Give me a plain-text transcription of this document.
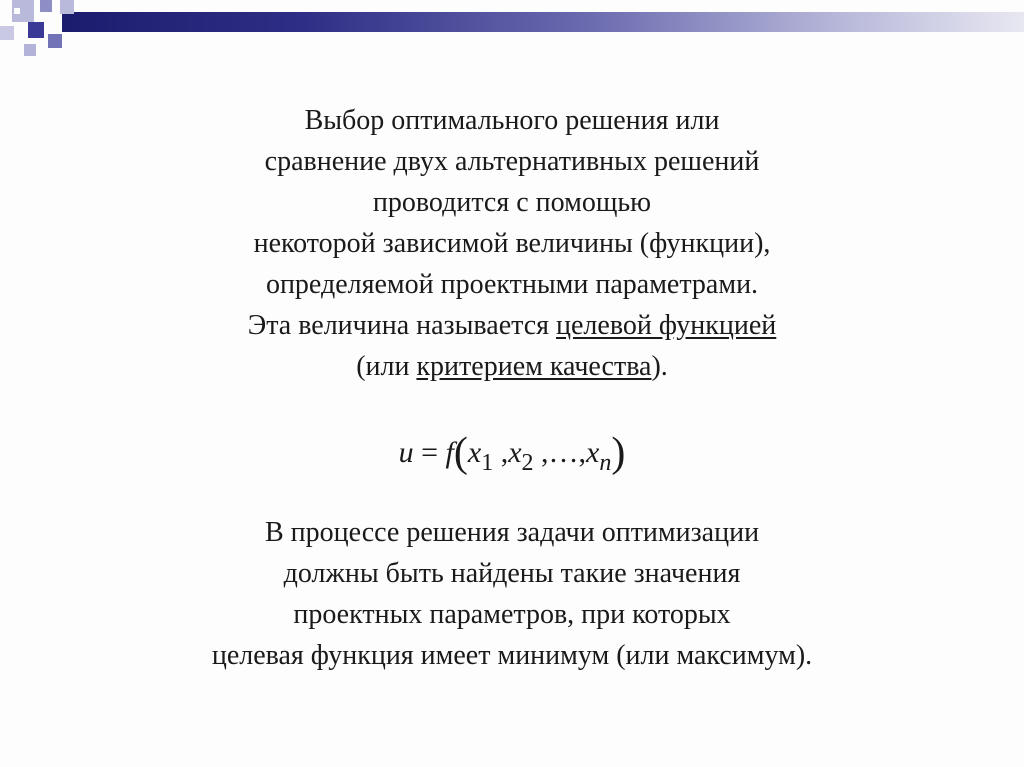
Выбор оптимального решения или
сравнение двух альтернативных решений
проводится с помощью
некоторой зависимой величины (функции),
определяемой проектными параметрами.
Эта величина называется целевой функцией
(или критерием качества).
$u = f(x_1$ $,x_2$ $,\dots,x_n$)
В процессе решения задачи оптимизации
должны быть найдены такие значения
проектных параметров, при которых
целевая функция имеет минимум (или максимум).
